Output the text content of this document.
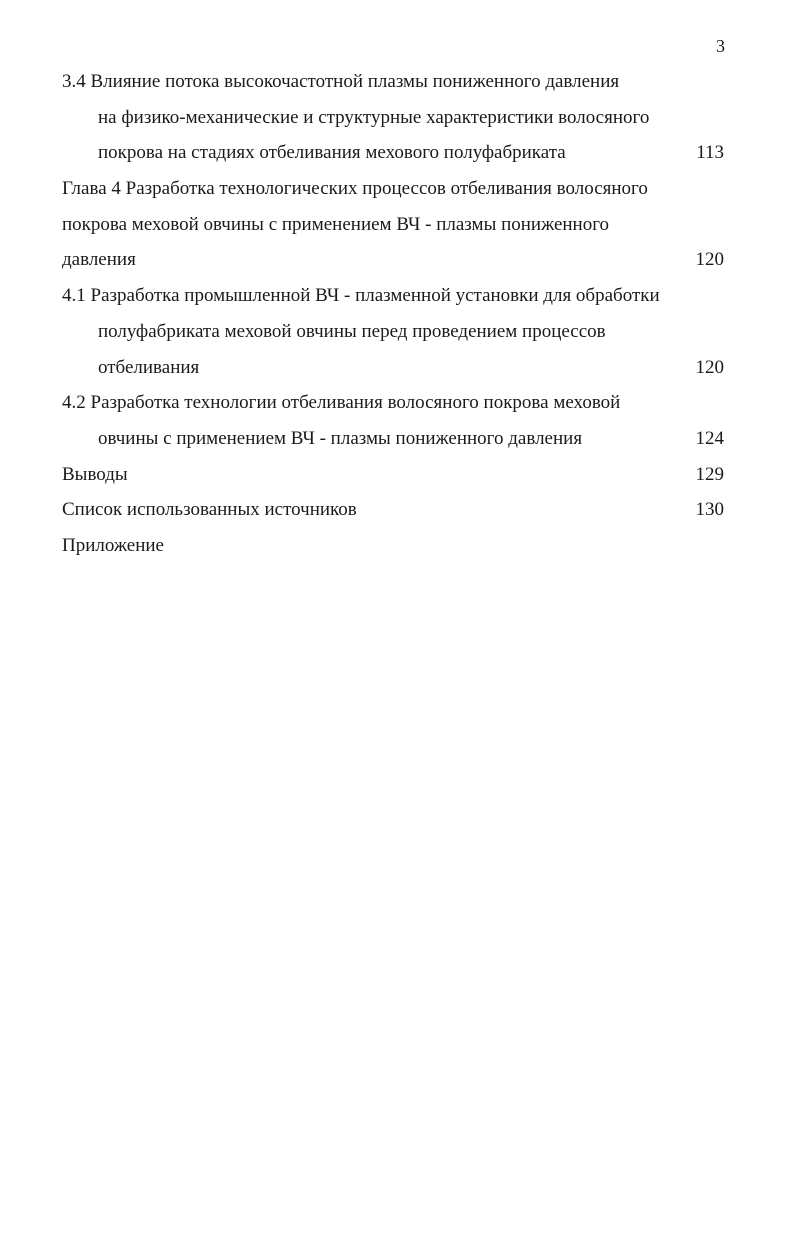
3
3.4 Влияние потока высокочастотной плазмы пониженного давления
на физико-механические и структурные характеристики волосяного
покрова на стадиях отбеливания мехового полуфабриката	113
Глава 4 Разработка технологических процессов отбеливания волосяного
покрова меховой овчины с применением ВЧ - плазмы пониженного
давления	120
4.1 Разработка промышленной ВЧ - плазменной установки для обработки
полуфабриката меховой овчины перед проведением процессов
отбеливания	120
4.2 Разработка технологии отбеливания волосяного покрова меховой
овчины с применением ВЧ - плазмы пониженного давления	124
Выводы	129
Список использованных источников	130
Приложение
